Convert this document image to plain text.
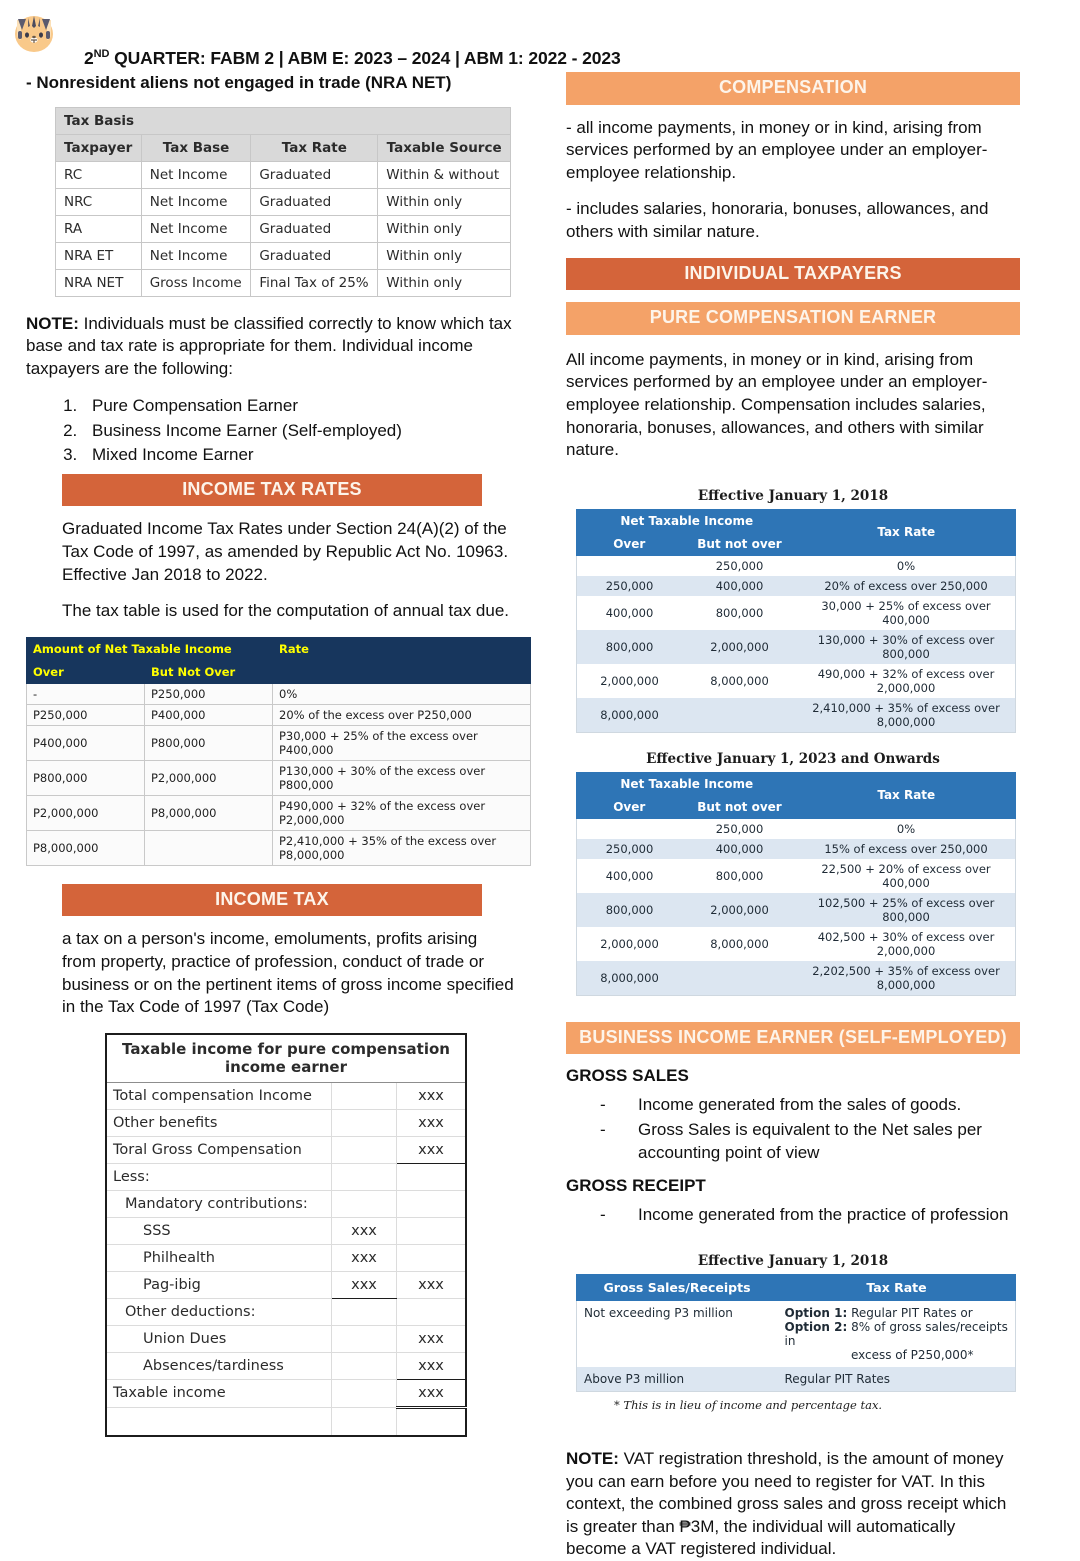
2ND QUARTER: FABM 2 | ABM E: 2023 – 2024 | ABM 1: 2022 - 2023
- Nonresident aliens not engaged in trade (NRA NET)
Tax Basis			
Taxpayer	Tax Base	Tax Rate	Taxable Source
RC	Net Income	Graduated	Within & without
NRC	Net Income	Graduated	Within only
RA	Net Income	Graduated	Within only
NRA ET	Net Income	Graduated	Within only
NRA NET	Gross Income	Final Tax of 25%	Within only
NOTE: Individuals must be classified correctly to know which tax base and tax rate is appropriate for them. Individual income taxpayers are the following:
1. Pure Compensation Earner
2. Business Income Earner (Self-employed)
3. Mixed Income Earner
INCOME TAX RATES

Graduated Income Tax Rates under Section 24(A)(2) of the Tax Code of 1997, as amended by Republic Act No. 10963. Effective Jan 2018 to 2022.

The tax table is used for the computation of annual tax due.

Amount of Net Taxable Income		Rate
Over	But Not Over	
-	P250,000	0%
P250,000	P400,000	20% of the excess over P250,000
P400,000	P800,000	P30,000 + 25% of the excess over P400,000
P800,000	P2,000,000	P130,000 + 30% of the excess over P800,000
P2,000,000	P8,000,000	P490,000 + 32% of the excess over P2,000,000
P8,000,000		P2,410,000 + 35% of the excess over P8,000,000
INCOME TAX

a tax on a person's income, emoluments, profits arising from property, practice of profession, conduct of trade or business or on the pertinent items of gross income specified in the Tax Code of 1997 (Tax Code)

Taxable income for pure compensation income earner		
Total compensation Income		xxx
Other benefits		xxx
Toral Gross Compensation		xxx
Less:		
Mandatory contributions:		
SSS	xxx	
Philhealth	xxx	
Pag-ibig	xxx	xxx
Other deductions:		
Union Dues		xxx
Absences/tardiness		xxx
Taxable income		xxx

COMPENSATION

- all income payments, in money or in kind, arising from services performed by an employee under an employer-employee relationship.

- includes salaries, honoraria, bonuses, allowances, and others with similar nature.

INDIVIDUAL TAXPAYERS
PURE COMPENSATION EARNER

All income payments, in money or in kind, arising from services performed by an employee under an employer-employee relationship. Compensation includes salaries, honoraria, bonuses, allowances, and others with similar nature.

Effective January 1, 2018
Net Taxable Income		Tax Rate
Over	But not over	
	250,000	0%
250,000	400,000	20% of excess over 250,000
400,000	800,000	30,000 + 25% of excess over 400,000
800,000	2,000,000	130,000 + 30% of excess over 800,000
2,000,000	8,000,000	490,000 + 32% of excess over 2,000,000
8,000,000		2,410,000 + 35% of excess over 8,000,000
Effective January 1, 2023 and Onwards
Net Taxable Income		Tax Rate
Over	But not over	
	250,000	0%
250,000	400,000	15% of excess over 250,000
400,000	800,000	22,500 + 20% of excess over 400,000
800,000	2,000,000	102,500 + 25% of excess over 800,000
2,000,000	8,000,000	402,500 + 30% of excess over 2,000,000
8,000,000		2,202,500 + 35% of excess over 8,000,000
BUSINESS INCOME EARNER (SELF-EMPLOYED)
GROSS SALES
- Income generated from the sales of goods.
- Gross Sales is equivalent to the Net sales per accounting point of view
GROSS RECEIPT
- Income generated from the practice of profession
Effective January 1, 2018
Gross Sales/Receipts	Tax Rate
Not exceeding P3 million	Option 1: Regular PIT Rates or
Option 2: 8% of gross sales/receipts in
excess of P250,000*

Above P3 million	Regular PIT Rates
* This is in lieu of income and percentage tax.
NOTE: VAT registration threshold, is the amount of money you can earn before you need to register for VAT. In this context, the combined gross sales and gross receipt which is greater than ₱3M, the individual will automatically become a VAT registered individual.
